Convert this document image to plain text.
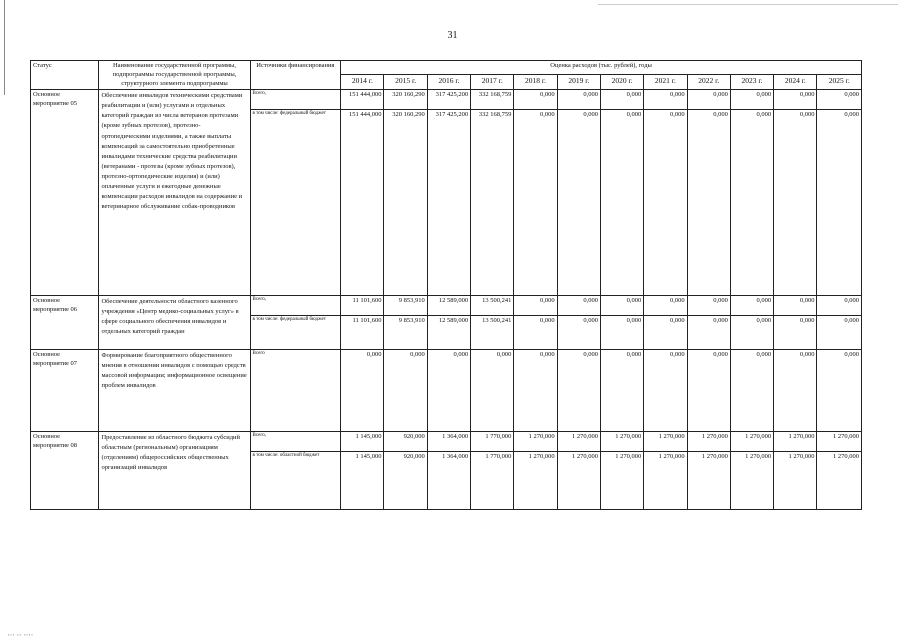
31
Статус	Наименование государственной программы, подпрограммы государственной программы, структурного элемента подпрограммы	Источники финансирования	Оценка расходов (тыс. рублей), годы											
			2014 г.	2015 г.	2016 г.	2017 г.	2018 г.	2019 г.	2020 г.	2021 г.	2022 г.	2023 г.	2024 г.	2025 г.
Основное мероприятие 05	Обеспечение инвалидов техническими средствами реабилитации и (или) услугами и отдельных категорий граждан из числа ветеранов протезами (кроме зубных протезов), протезно-ортопедическими изделиями, а также выплаты компенсаций за самостоятельно приобретенные инвалидами технические средства реабилитации (ветеранами - протезы (кроме зубных протезов), протезно-ортопедические изделия) и (или) оплаченные услуги и ежегодные денежные компенсации расходов инвалидов на содержание и ветеринарное обслуживание собак-проводников	Всего,	151 444,000	320 160,290	317 425,200	332 168,759	0,000	0,000	0,000	0,000	0,000	0,000	0,000	0,000
		в том числе: федеральный бюджет	151 444,000	320 160,290	317 425,200	332 168,759	0,000	0,000	0,000	0,000	0,000	0,000	0,000	0,000
Основное мероприятие 06	Обеспечение деятельности областного казенного учреждения «Центр медико-социальных услуг» в сфере социального обеспечения инвалидов и отдельных категорий граждан	Всего,	11 101,600	9 853,910	12 589,000	13 500,241	0,000	0,000	0,000	0,000	0,000	0,000	0,000	0,000
		в том числе: федеральный бюджет	11 101,600	9 853,910	12 589,000	13 500,241	0,000	0,000	0,000	0,000	0,000	0,000	0,000	0,000
Основное мероприятие 07	Формирование благоприятного общественного мнения в отношении инвалидов с помощью средств массовой информации; информационное освещение проблем инвалидов	Всего	0,000	0,000	0,000	0,000	0,000	0,000	0,000	0,000	0,000	0,000	0,000	0,000
Основное мероприятие 08	Предоставление из областного бюджета субсидий областным (региональным) организациям (отделениям) общероссийских общественных организаций инвалидов	Всего,	1 145,000	920,000	1 364,000	1 770,000	1 270,000	1 270,000	1 270,000	1 270,000	1 270,000	1 270,000	1 270,000	1 270,000
		в том числе: областной бюджет	1 145,000	920,000	1 364,000	1 770,000	1 270,000	1 270,000	1 270,000	1 270,000	1 270,000	1 270,000	1 270,000	1 270,000
▪▪▪ ▪▪ ▪▪▪▪
